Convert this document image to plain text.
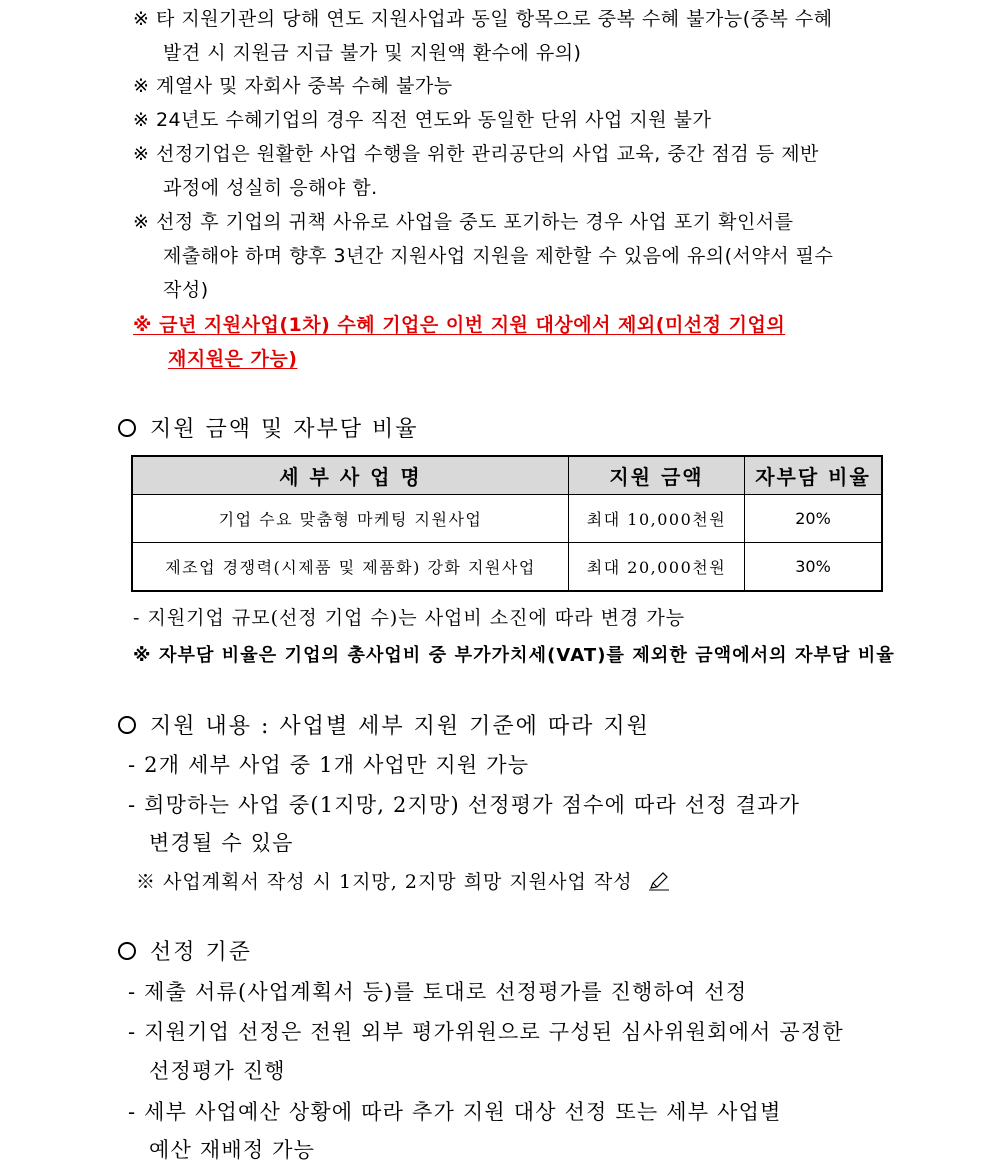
※ 타 지원기관의 당해 연도 지원사업과 동일 항목으로 중복 수혜 불가능(중복 수혜
발견 시 지원금 지급 불가 및 지원액 환수에 유의)
※ 계열사 및 자회사 중복 수혜 불가능
※ 24년도 수혜기업의 경우 직전 연도와 동일한 단위 사업 지원 불가
※ 선정기업은 원활한 사업 수행을 위한 관리공단의 사업 교육, 중간 점검 등 제반
과정에 성실히 응해야 함.
※ 선정 후 기업의 귀책 사유로 사업을 중도 포기하는 경우 사업 포기 확인서를
제출해야 하며 향후 3년간 지원사업 지원을 제한할 수 있음에 유의(서약서 필수
작성)
※ 금년 지원사업(1차) 수혜 기업은 이번 지원 대상에서 제외(미선정 기업의
재지원은 가능)
지원 금액 및 자부담 비율
세 부 사 업 명	지원 금액	자부담 비율
기업 수요 맞춤형 마케팅 지원사업	최대 10,000천원	20%
제조업 경쟁력(시제품 및 제품화) 강화 지원사업	최대 20,000천원	30%
- 지원기업 규모(선정 기업 수)는 사업비 소진에 따라 변경 가능
※ 자부담 비율은 기업의 총사업비 중 부가가치세(VAT)를 제외한 금액에서의 자부담 비율
지원 내용 : 사업별 세부 지원 기준에 따라 지원
- 2개 세부 사업 중 1개 사업만 지원 가능
- 희망하는 사업 중(1지망, 2지망) 선정평가 점수에 따라 선정 결과가
변경될 수 있음
※ 사업계획서 작성 시 1지망, 2지망 희망 지원사업 작성
선정 기준
- 제출 서류(사업계획서 등)를 토대로 선정평가를 진행하여 선정
- 지원기업 선정은 전원 외부 평가위원으로 구성된 심사위원회에서 공정한
선정평가 진행
- 세부 사업예산 상황에 따라 추가 지원 대상 선정 또는 세부 사업별
예산 재배정 가능
